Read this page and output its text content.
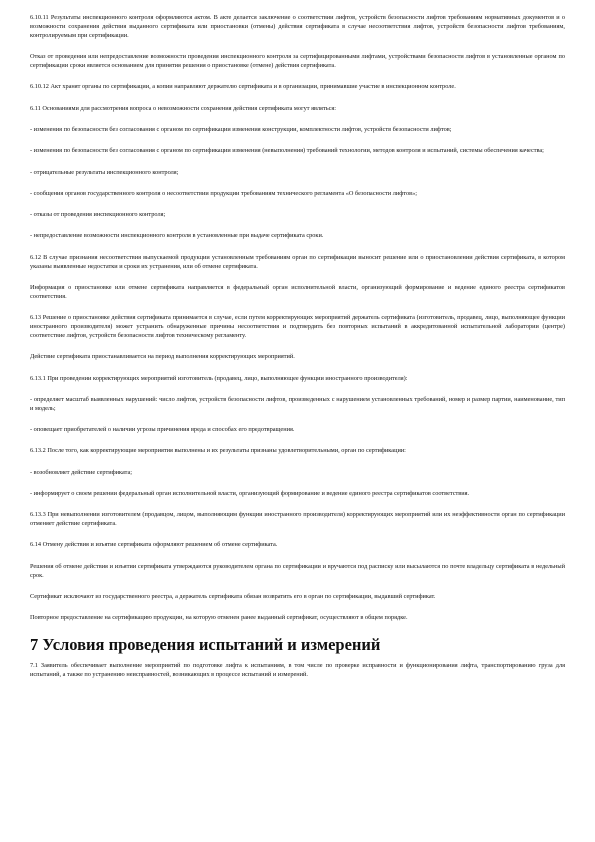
6.10.11 Результаты инспекционного контроля оформляются актом. В акте делается заключение о соответствии лифтов, устройств безопасности лифтов требованиям нормативных документов и о возможности сохранения действия выданного сертификата или приостановки (отмены) действия сертификата в случае несоответствия лифтов, устройств безопасности лифтов требованиям, контролируемым при сертификации.

Отказ от проведения или непредоставление возможности проведения инспекционного контроля за сертифицированными лифтами, устройствами безопасности лифтов в установленные органом по сертификации сроки является основанием для принятия решения о приостановке (отмене) действия сертификата.

6.10.12 Акт хранят органы по сертификации, а копии направляют держателю сертификата и в организации, принимавшие участие в инспекционном контроле.

6.11 Основаниями для рассмотрения вопроса о невозможности сохранения действия сертификата могут являться:

- изменения по безопасности без согласования с органом по сертификации изменения конструкции, комплектности лифтов, устройств безопасности лифтов;

- изменения по безопасности без согласования с органом по сертификации изменения (невыполнения) требований технологии, методов контроля и испытаний, системы обеспечения качества;

- отрицательные результаты инспекционного контроля;

- сообщения органов государственного контроля о несоответствии продукции требованиям технического регламента «О безопасности лифтов»;

- отказы от проведения инспекционного контроля;

- непредоставление возможности инспекционного контроля в установленные при выдаче сертификата сроки.

6.12 В случае признания несоответствия выпускаемой продукции установленным требованиям орган по сертификации выносит решение или о приостановлении действия сертификата, в котором указаны выявленные недостатки и сроки их устранения, или об отмене сертификата.

Информация о приостановке или отмене сертификата направляется в федеральный орган исполнительной власти, организующий формирование и ведение единого реестра сертификатов соответствия.

6.13 Решение о приостановке действия сертификата принимается в случае, если путем корректирующих мероприятий держатель сертификата (изготовитель, продавец, лицо, выполняющее функции иностранного производителя) может устранить обнаруженные причины несоответствия и подтвердить без повторных испытаний в аккредитованной испытательной лаборатории (центре) соответствие лифтов, устройств безопасности лифтов техническому регламенту.

Действие сертификата приостанавливается на период выполнения корректирующих мероприятий.

6.13.1 При проведении корректирующих мероприятий изготовитель (продавец, лицо, выполняющее функции иностранного производителя):

- определяет масштаб выявленных нарушений: число лифтов, устройств безопасности лифтов, произведенных с нарушением установленных требований, номер и размер партии, наименование, тип и модель;

- оповещает приобретателей о наличии угрозы причинения вреда и способах его предотвращения.

6.13.2 После того, как корректирующие мероприятия выполнены и их результаты признаны удовлетворительными, орган по сертификации:

- возобновляет действие сертификата;

- информирует о своем решении федеральный орган исполнительной власти, организующий формирование и ведение единого реестра сертификатов соответствия.

6.13.3 При невыполнении изготовителем (продавцом, лицом, выполняющим функции иностранного производителя) корректирующих мероприятий или их неэффективности орган по сертификации отменяет действие сертификата.

6.14 Отмену действия и изъятие сертификата оформляют решением об отмене сертификата.

Решения об отмене действия и изъятии сертификата утверждаются руководителем органа по сертификации и вручаются под расписку или высылаются по почте владельцу сертификата в недельный срок.

Сертификат исключают из государственного реестра, а держатель сертификата обязан возвратить его в орган по сертификации, выдавший сертификат.

Повторное предоставление на сертификацию продукции, на которую отменен ранее выданный сертификат, осуществляют в общем порядке.

7 Условия проведения испытаний и измерений

7.1 Заявитель обеспечивает выполнение мероприятий по подготовке лифта к испытаниям, в том числе по проверке исправности и функционирования лифта, транспортированию груза для испытаний, а также по устранению неисправностей, возникающих в процессе испытаний и измерений.
